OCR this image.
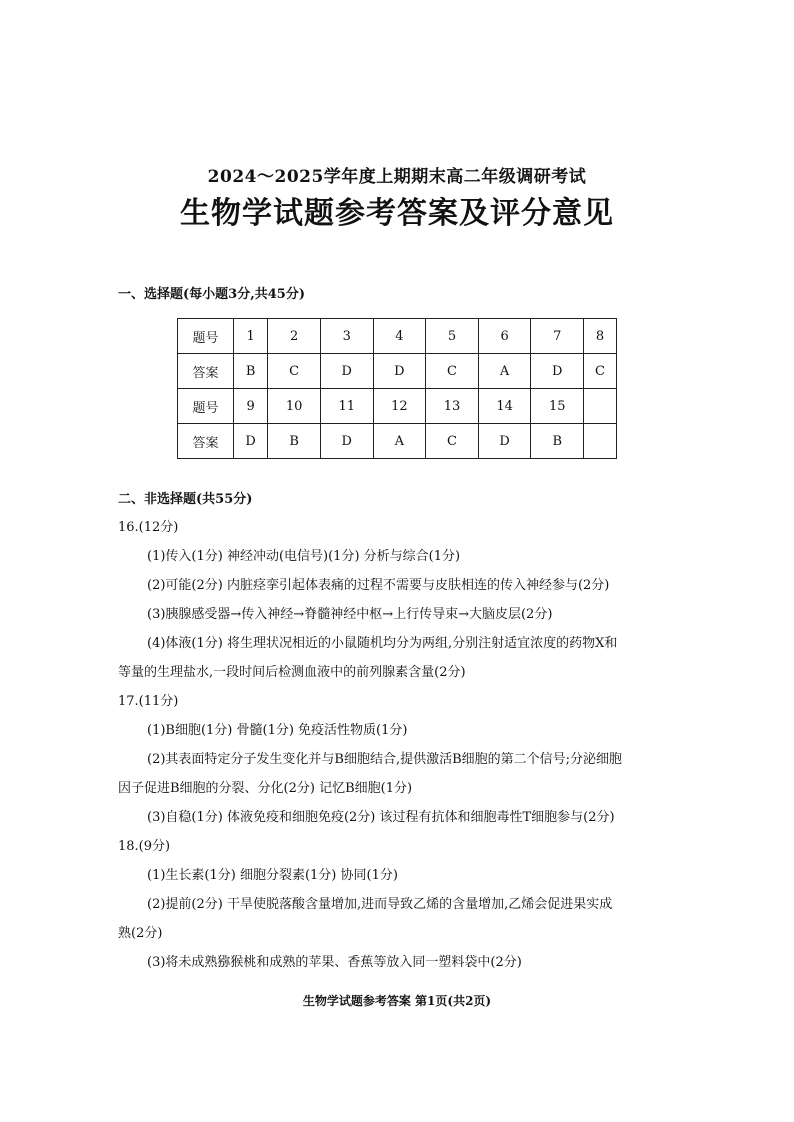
2024～2025学年度上期期末高二年级调研考试
生物学试题参考答案及评分意见
一、选择题(每小题3分,共45分)
题号	1	2	3	4	5	6	7	8
答案	B	C	D	D	C	A	D	C
题号	9	10	11	12	13	14	15	
答案	D	B	D	A	C	D	B	
二、非选择题(共55分)
16.(12分)
(1)传入(1分) 神经冲动(电信号)(1分) 分析与综合(1分)
(2)可能(2分) 内脏痉挛引起体表痛的过程不需要与皮肤相连的传入神经参与(2分)
(3)胰腺感受器→传入神经→脊髓神经中枢→上行传导束→大脑皮层(2分)
(4)体液(1分) 将生理状况相近的小鼠随机均分为两组,分别注射适宜浓度的药物X和
等量的生理盐水,一段时间后检测血液中的前列腺素含量(2分)
17.(11分)
(1)B细胞(1分) 骨髓(1分) 免疫活性物质(1分)
(2)其表面特定分子发生变化并与B细胞结合,提供激活B细胞的第二个信号;分泌细胞
因子促进B细胞的分裂、分化(2分) 记忆B细胞(1分)
(3)自稳(1分) 体液免疫和细胞免疫(2分) 该过程有抗体和细胞毒性T细胞参与(2分)
18.(9分)
(1)生长素(1分) 细胞分裂素(1分) 协同(1分)
(2)提前(2分) 干旱使脱落酸含量增加,进而导致乙烯的含量增加,乙烯会促进果实成
熟(2分)
(3)将未成熟猕猴桃和成熟的苹果、香蕉等放入同一塑料袋中(2分)
生物学试题参考答案 第1页(共2页)
